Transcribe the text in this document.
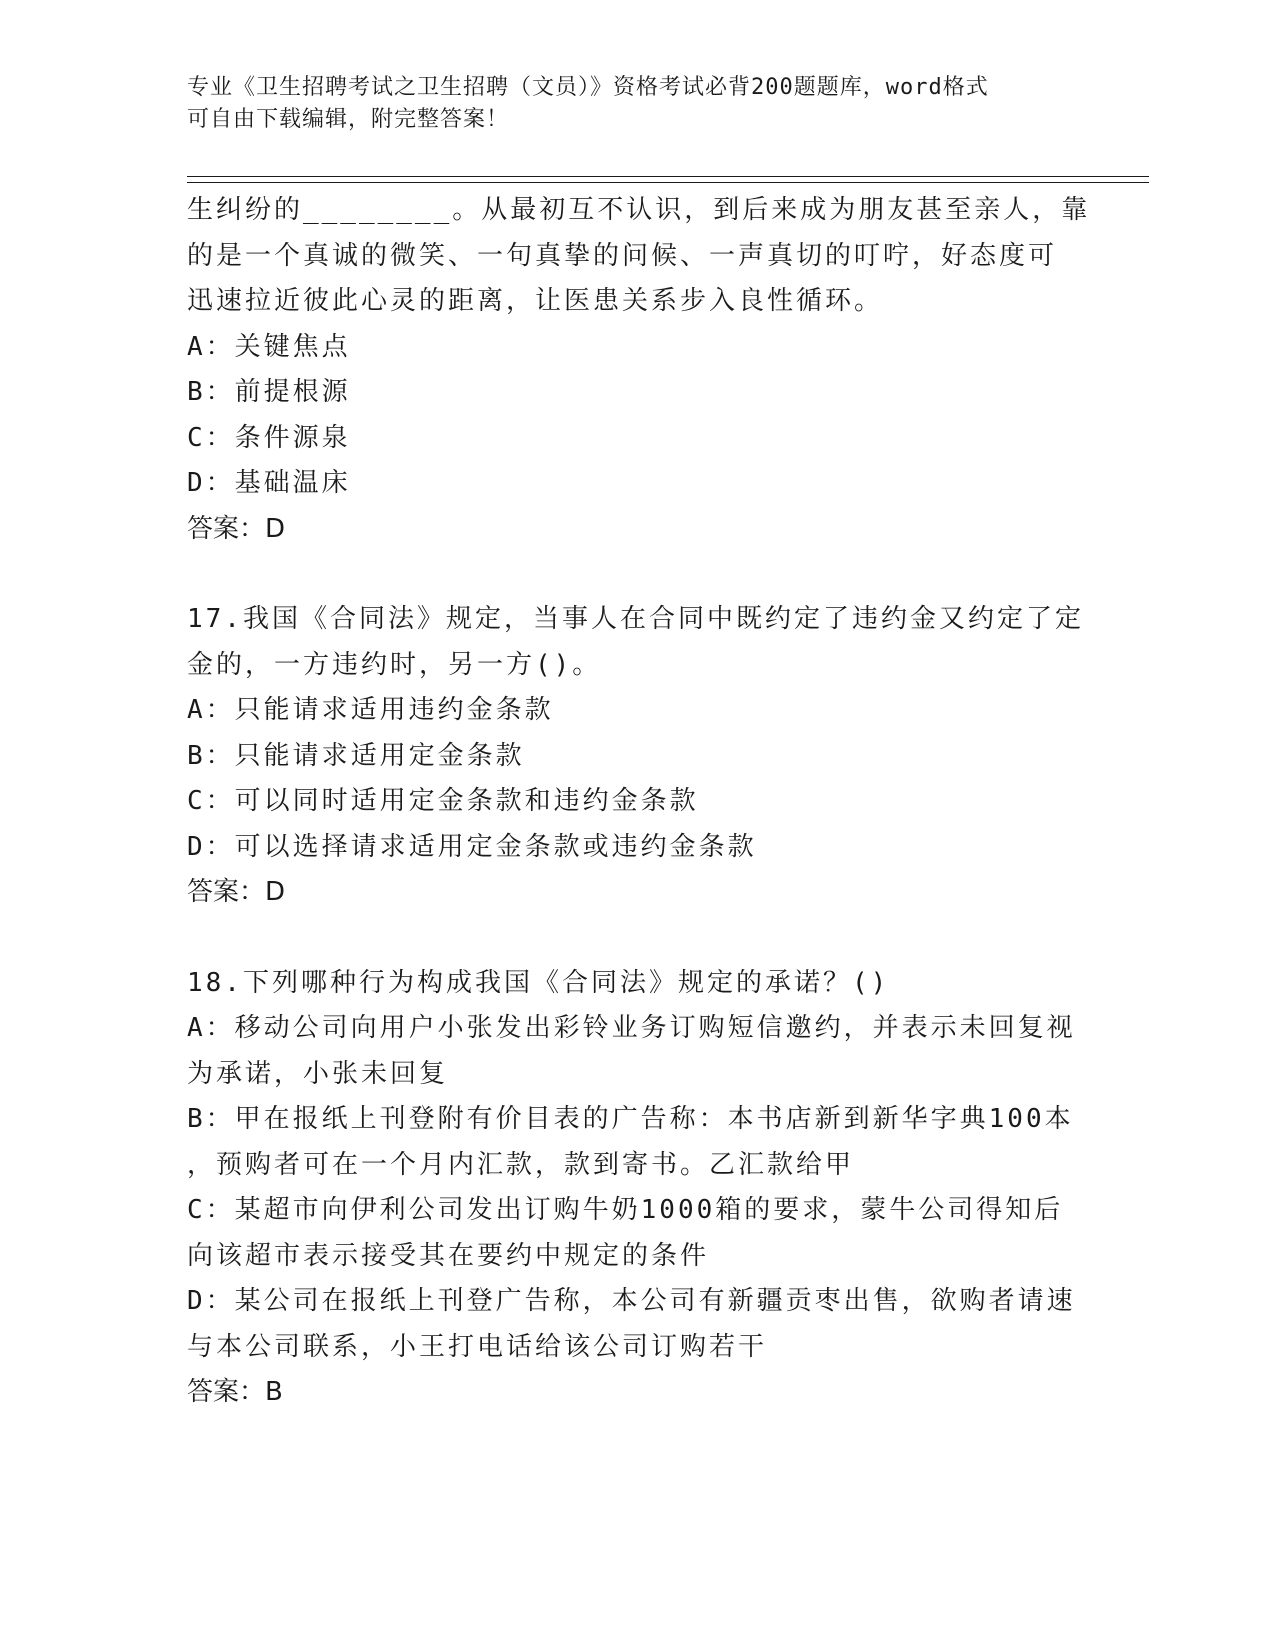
专业《卫生招聘考试之卫生招聘（文员）》资格考试必背200题题库，word格式
可自由下载编辑，附完整答案！
生纠纷的________。从最初互不认识，到后来成为朋友甚至亲人，靠
的是一个真诚的微笑、一句真挚的问候、一声真切的叮咛，好态度可
迅速拉近彼此心灵的距离，让医患关系步入良性循环。
A：关键焦点
B：前提根源
C：条件源泉
D：基础温床
答案：D
17.我国《合同法》规定，当事人在合同中既约定了违约金又约定了定
金的，一方违约时，另一方()。
A：只能请求适用违约金条款
B：只能请求适用定金条款
C：可以同时适用定金条款和违约金条款
D：可以选择请求适用定金条款或违约金条款
答案：D
18.下列哪种行为构成我国《合同法》规定的承诺？()
A：移动公司向用户小张发出彩铃业务订购短信邀约，并表示未回复视
为承诺，小张未回复
B：甲在报纸上刊登附有价目表的广告称：本书店新到新华字典100本
，预购者可在一个月内汇款，款到寄书。乙汇款给甲
C：某超市向伊利公司发出订购牛奶1000箱的要求，蒙牛公司得知后
向该超市表示接受其在要约中规定的条件
D：某公司在报纸上刊登广告称，本公司有新疆贡枣出售，欲购者请速
与本公司联系，小王打电话给该公司订购若干
答案：B
